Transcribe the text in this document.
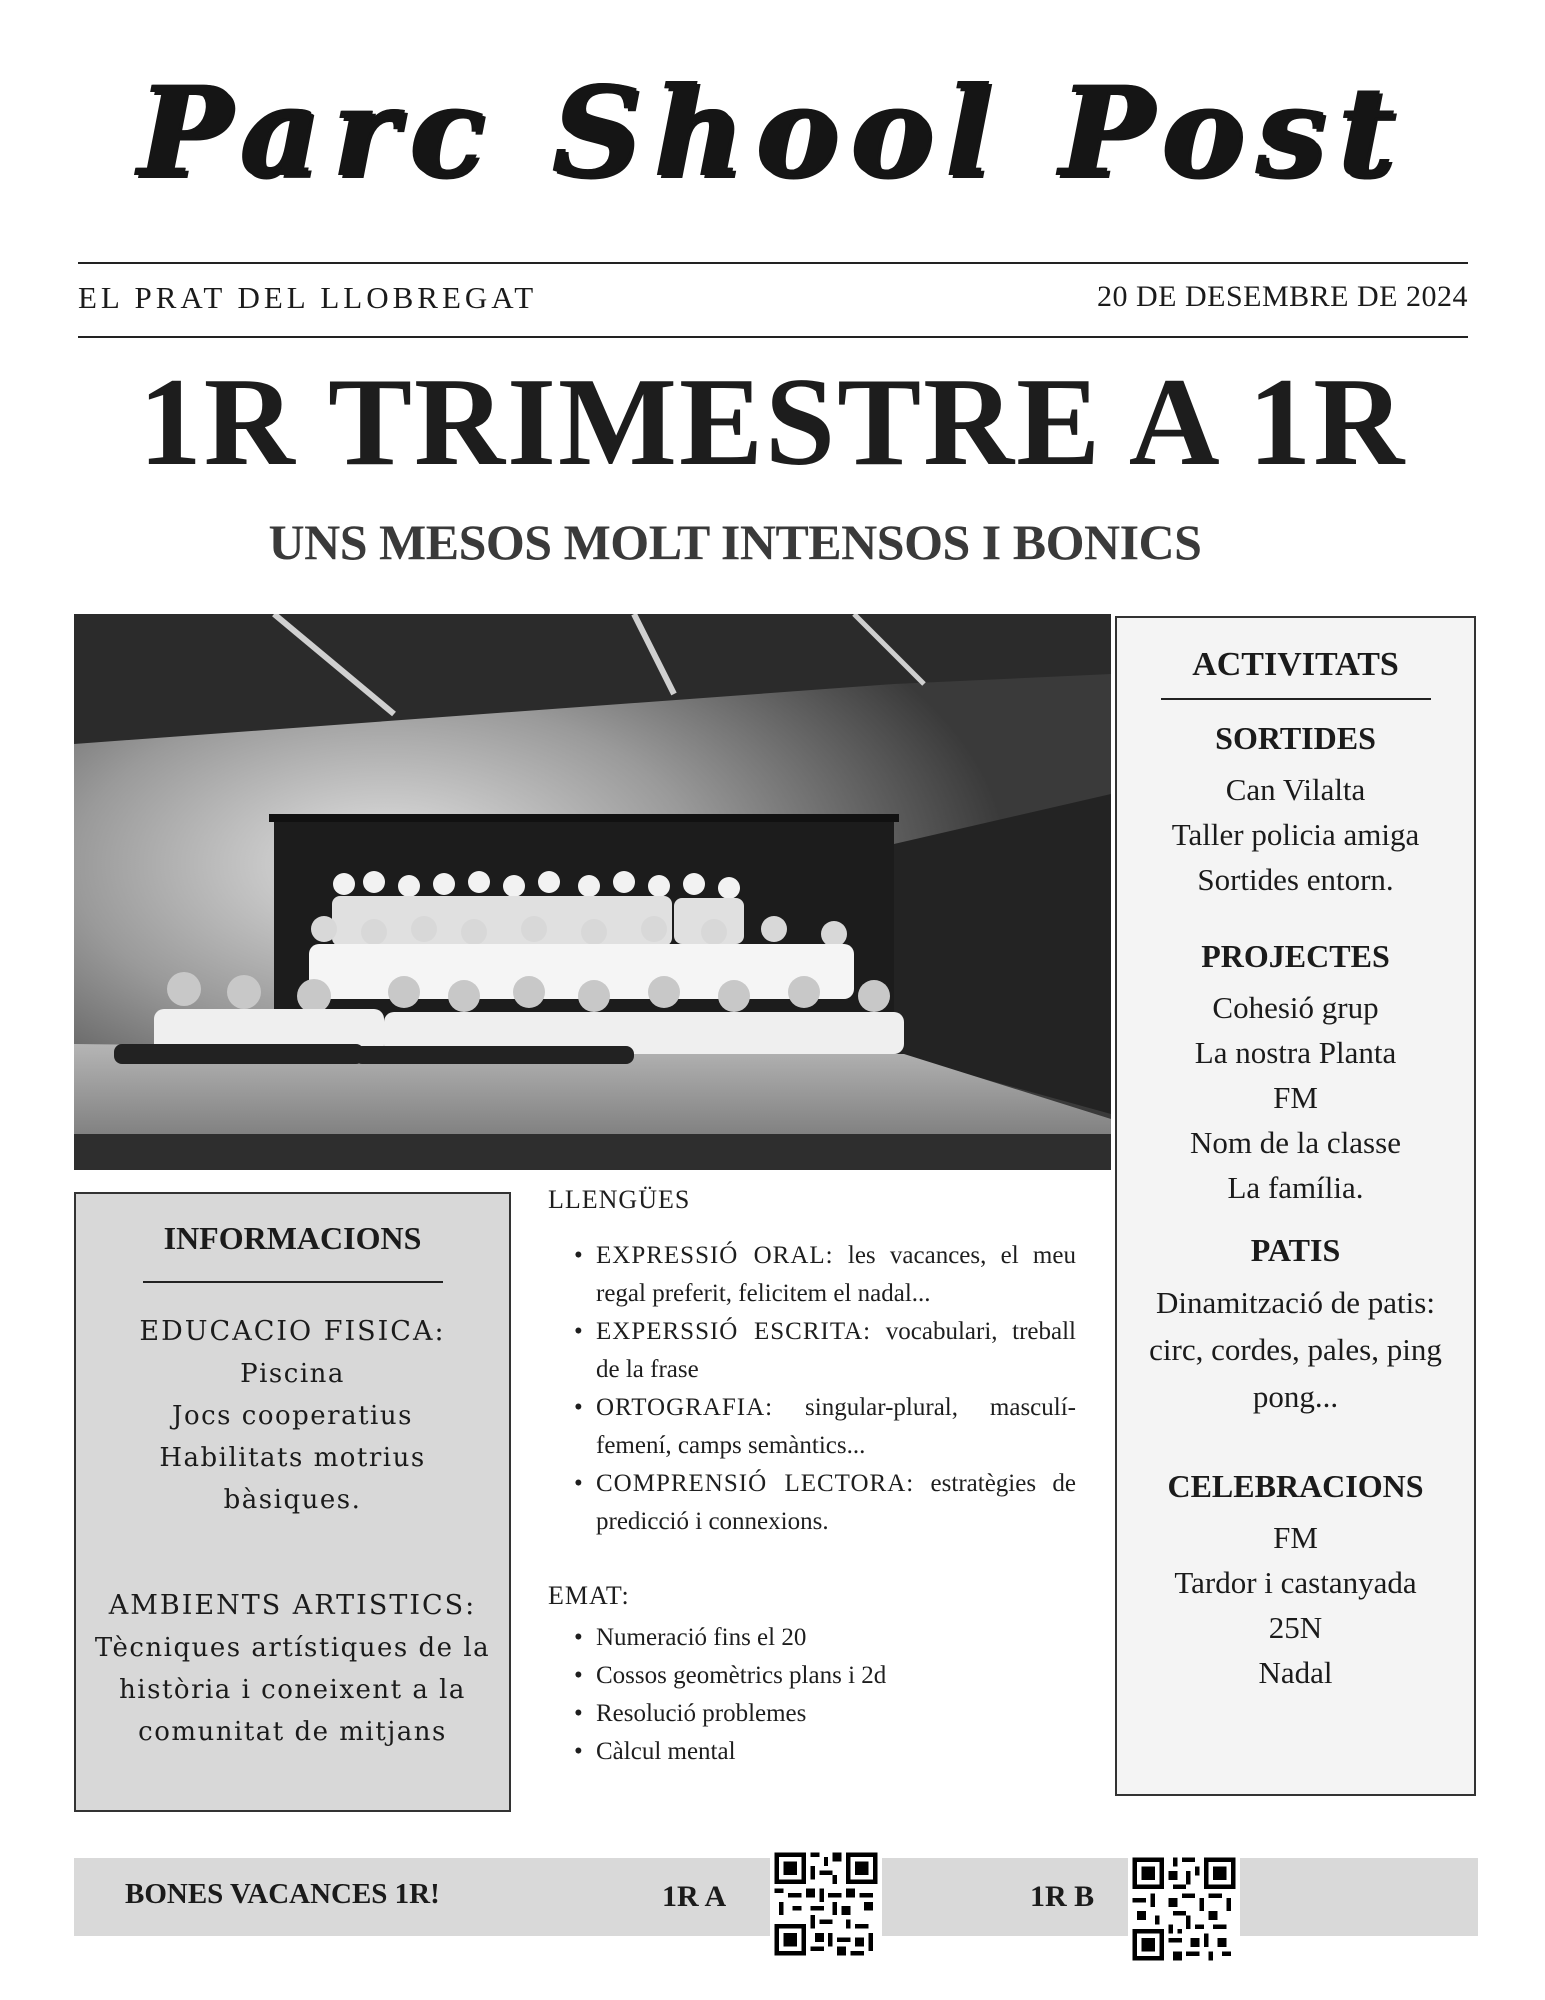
Parc Shool Post
EL PRAT DEL LLOBREGAT	20 DE DESEMBRE DE 2024
1R TRIMESTRE A 1R
UNS MESOS MOLT INTENSOS I BONICS
ACTIVITATS
SORTIDES
Can Vilalta
Taller policia amiga
Sortides entorn.
PROJECTES
Cohesió grup
La nostra Planta
FM
Nom de la classe
La família.
PATIS
Dinamització de patis: circ, cordes, pales, ping pong...
CELEBRACIONS
FM
Tardor i castanyada
25N
Nadal
INFORMACIONS
EDUCACIO FISICA:
Piscina
Jocs cooperatius
Habilitats motrius bàsiques.
AMBIENTS ARTISTICS:
Tècniques artístiques de la història i coneixent a la comunitat de mitjans
LLENGÜES
• EXPRESSIÓ ORAL: les vacances, el meu regal preferit, felicitem el nadal...
• EXPERSSIÓ ESCRITA: vocabulari, treball de la frase
• ORTOGRAFIA: singular-plural, masculí-femení, camps semàntics...
• COMPRENSIÓ LECTORA: estratègies de predicció i connexions.
EMAT:
• Numeració fins el 20
• Cossos geomètrics plans i 2d
• Resolució problemes
• Càlcul mental
BONES VACANCES 1R!	1R A	1R B
